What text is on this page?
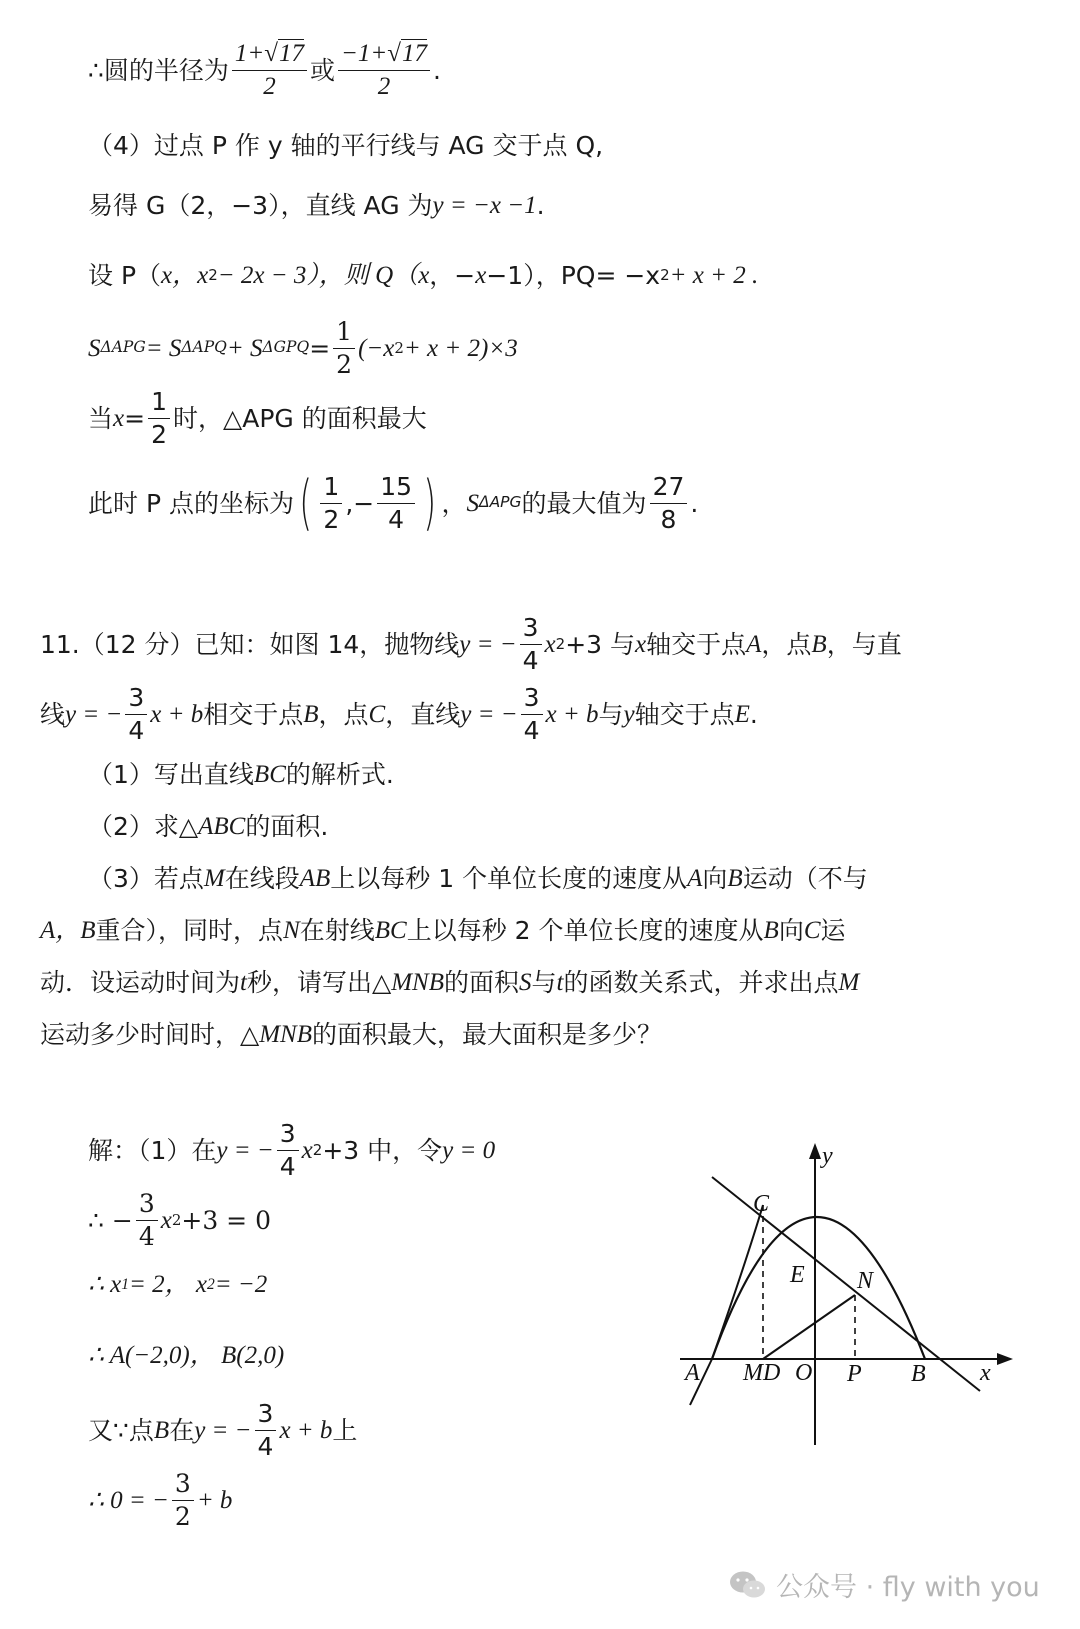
∴圆的半径为 $\frac{1+√17}{2}$ 或 $\frac{-1+√17}{2}$ .
（4）过点 P 作 y 轴的平行线与 AG 交于点 Q,
易得 G（2，−3），直线 AG 为 y = −x −1 .
设 P（ x，x 2 − 2x − 3），则 Q（ x ，− x −1），PQ= −x 2 + x + 2 .
S ΔAPG = S ΔAPQ + S $\Delta GPQ = \frac{1}{2} (-x$ 2 + x + 2)×3
当 $x = \frac{1}{2}$ 时，△APG 的面积最大
此时 P 点的坐标为 ( $\frac{1}{2}$ ,− $\frac{15}{4}$ ) ， S ΔAPG 的最大值为 $\frac{27}{8}$ .
11.（12 分）已知：如图 14，抛物线 y = − $\frac{3}{4}$ x 2 +3 与 x 轴交于点 A ，点 B ，与直
线 y = − $\frac{3}{4}$ x + b 相交于点 B ，点 C ，直线 y = − $\frac{3}{4}$ x + b 与 y 轴交于点 E .
（1）写出直线 BC 的解析式.
（2）求△ ABC 的面积.
（3）若点 M 在线段 AB 上以每秒 1 个单位长度的速度从 A 向 B 运动（不与
A，B 重合），同时，点 N 在射线 BC 上以每秒 2 个单位长度的速度从 B 向 C 运
动．设运动时间为 t 秒，请写出△ MNB 的面积 S 与 t 的函数关系式，并求出点 M
运动多少时间时，△ MNB 的面积最大，最大面积是多少？
解：（1）在 y = − $\frac{3}{4}$ x 2 +3 中，令 y = 0
∴ − $\frac{3}{4}$ x 2 +3 = 0
∴ x 1 = 2， x 2 = −2
∴ A(−2,0)， B(2,0)
又∵点 B 在 y = − $\frac{3}{4}$ x + b 上
∴ 0 = − $\frac{3}{2} + b$
y
x
C
E N
A MD O P B
公众号 · fly with you
